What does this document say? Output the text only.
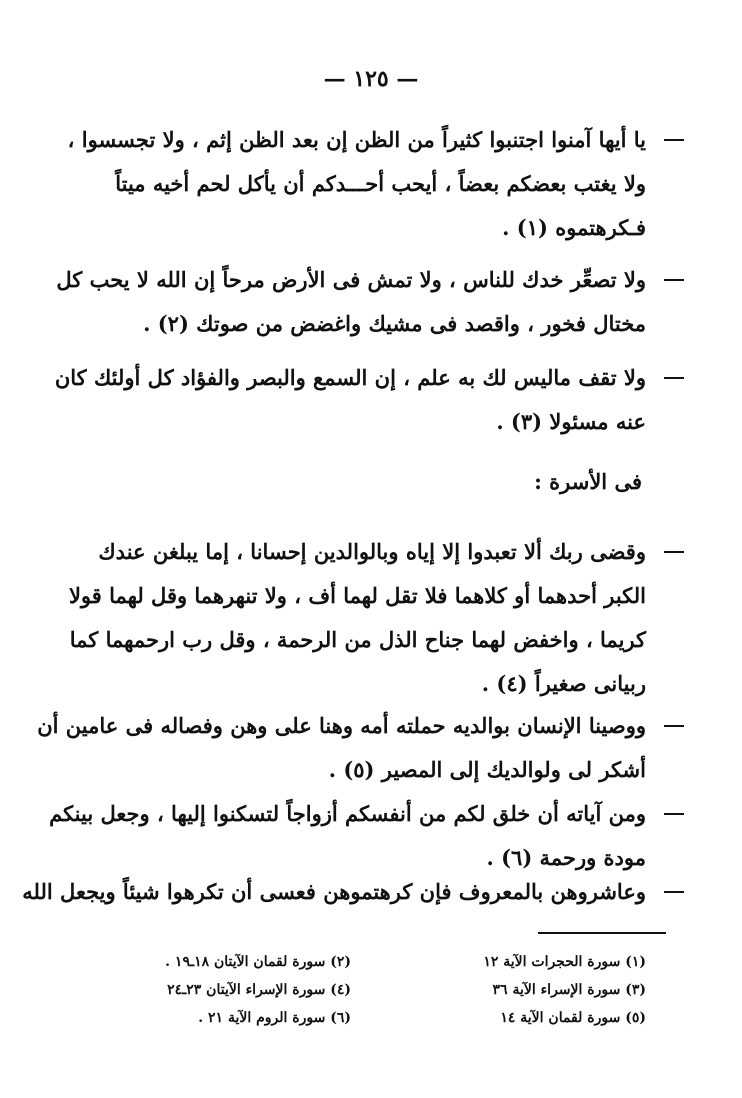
— ١٢٥ —
يا أيها آمنوا اجتنبوا كثيراً من الظن إن بعد الظن إثم ، ولا تجسسوا ،
ولا يغتب بعضكم بعضاً ، أيحب أحـــدكم أن يأكل لحم أخيه ميتاً
فـكرهتموه (١) .
ولا تصعِّر خدك للناس ، ولا تمش فى الأرض مرحاً إن الله لا يحب كل
مختال فخور ، واقصد فى مشيك واغضض من صوتك (٢) .
ولا تقف ماليس لك به علم ، إن السمع والبصر والفؤاد كل أولئك كان
عنه مسئولا (٣) .
فى الأسرة :
وقضى ربك ألا تعبدوا إلا إياه وبالوالدين إحسانا ، إما يبلغن عندك
الكبر أحدهما أو كلاهما فلا تقل لهما أف ، ولا تنهرهما وقل لهما قولا
كريما ، واخفض لهما جناح الذل من الرحمة ، وقل رب ارحمهما كما
ربيانى صغيراً (٤) .
ووصينا الإنسان بوالديه حملته أمه وهنا على وهن وفصاله فى عامين أن
أشكر لى ولوالديك إلى المصير (٥) .
ومن آياته أن خلق لكم من أنفسكم أزواجاً لتسكنوا إليها ، وجعل بينكم
مودة ورحمة (٦) .
وعاشروهن بالمعروف فإن كرهتموهن فعسى أن تكرهوا شيئاً ويجعل الله
(١) سورة الحجرات الآية ١٢
(٢) سورة لقمان الآيتان ١٨ـ١٩ .
(٣) سورة الإسراء الآية ٣٦
(٤) سورة الإسراء الآيتان ٢٣ـ٢٤
(٥) سورة لقمان الآية ١٤
(٦) سورة الروم الآية ٢١ .
